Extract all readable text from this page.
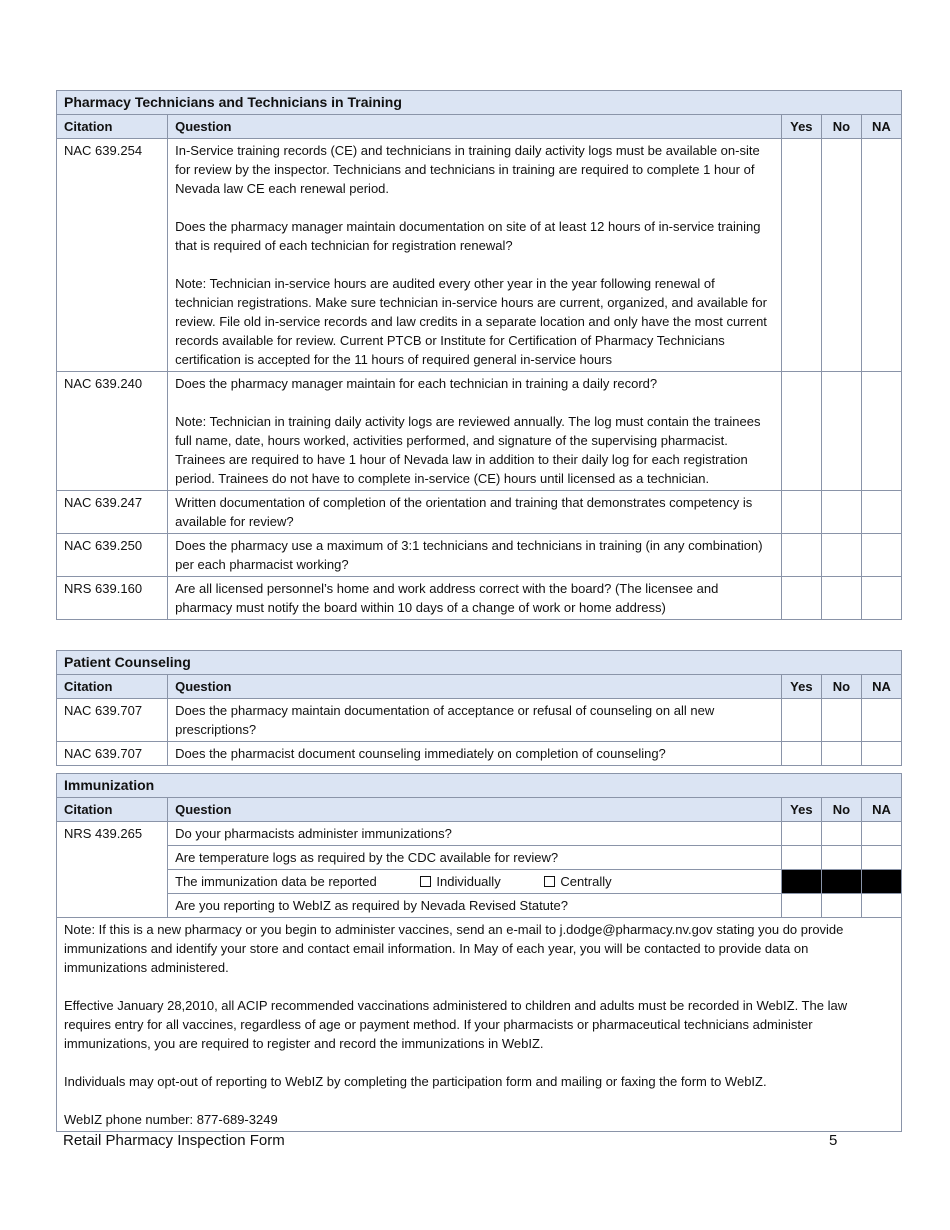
Pharmacy Technicians and Technicians in Training				
Citation	Question	Yes	No	NA
NAC 639.254	In-Service training records (CE) and technicians in training daily activity logs must be available on-site for review by the inspector. Technicians and technicians in training are required to complete 1 hour of Nevada law CE each renewal period.
Does the pharmacy manager maintain documentation on site of at least 12 hours of in-service training that is required of each technician for registration renewal?
Note: Technician in-service hours are audited every other year in the year following renewal of technician registrations. Make sure technician in-service hours are current, organized, and available for review. File old in-service records and law credits in a separate location and only have the most current records available for review. Current PTCB or Institute for Certification of Pharmacy Technicians certification is accepted for the 11 hours of required general in-service hours			

NAC 639.240	Does the pharmacy manager maintain for each technician in training a daily record?
Note: Technician in training daily activity logs are reviewed annually. The log must contain the trainees full name, date, hours worked, activities performed, and signature of the supervising pharmacist. Trainees are required to have 1 hour of Nevada law in addition to their daily log for each registration period. Trainees do not have to complete in-service (CE) hours until licensed as a technician.			

NAC 639.247	Written documentation of completion of the orientation and training that demonstrates competency is available for review?			
NAC 639.250	Does the pharmacy use a maximum of 3:1 technicians and technicians in training (in any combination) per each pharmacist working?			
NRS 639.160	Are all licensed personnel’s home and work address correct with the board? (The licensee and pharmacy must notify the board within 10 days of a change of work or home address)			
Patient Counseling				
Citation	Question	Yes	No	NA
NAC 639.707	Does the pharmacy maintain documentation of acceptance or refusal of counseling on all new prescriptions?			
NAC 639.707	Does the pharmacist document counseling immediately on completion of counseling?			
Immunization				
Citation	Question	Yes	No	NA
NRS 439.265	Do your pharmacists administer immunizations?			
	Are temperature logs as required by the CDC available for review?			
	The immunization data be reported Individually Centrally			
	Are you reporting to WebIZ as required by Nevada Revised Statute?			

Note: If this is a new pharmacy or you begin to administer vaccines, send an e-mail to j.dodge@pharmacy.nv.gov stating you do provide immunizations and identify your store and contact email information. In May of each year, you will be contacted to provide data on immunizations administered.
Effective January 28,2010, all ACIP recommended vaccinations administered to children and adults must be recorded in WebIZ. The law requires entry for all vaccines, regardless of age or payment method. If your pharmacists or pharmaceutical technicians administer immunizations, you are required to register and record the immunizations in WebIZ.
Individuals may opt-out of reporting to WebIZ by completing the participation form and mailing or faxing the form to WebIZ.
WebIZ phone number: 877-689-3249				
Retail Pharmacy Inspection Form	5
